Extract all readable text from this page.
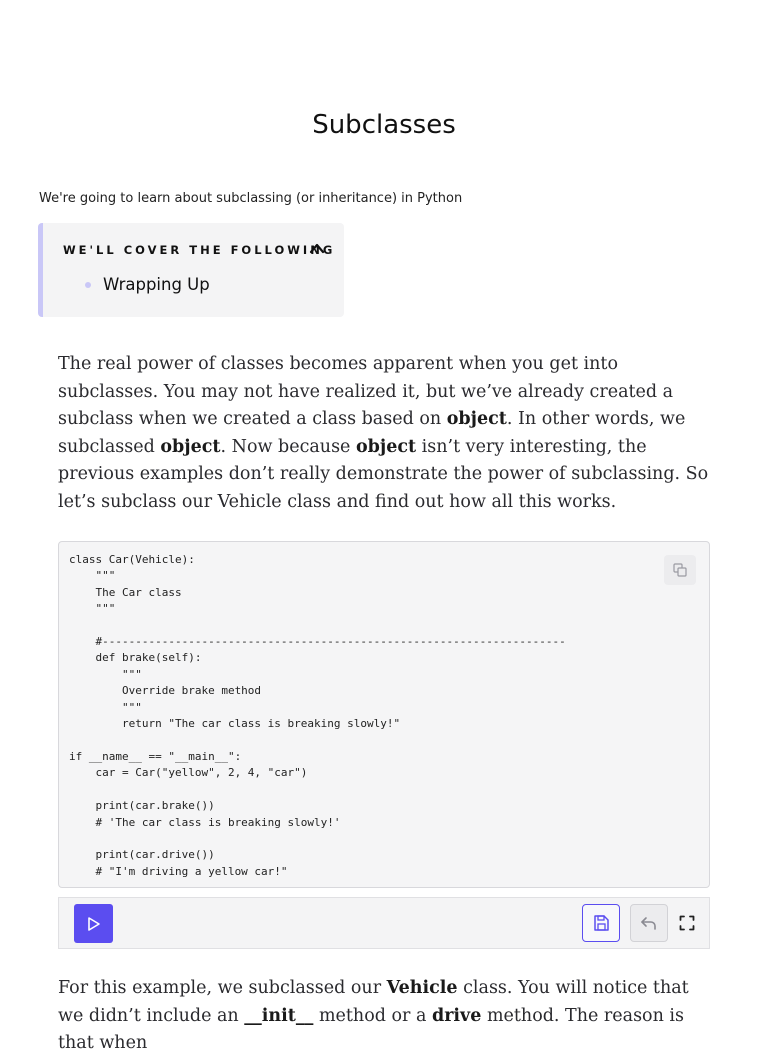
Subclasses

We're going to learn about subclassing (or inheritance) in Python

WE'LL COVER THE FOLLOWING
Wrapping Up

The real power of classes becomes apparent when you get into subclasses. You may not have realized it, but we’ve already created a subclass when we created a class based on object. In other words, we subclassed object. Now because object isn’t very interesting, the previous examples don’t really demonstrate the power of subclassing. So let’s subclass our Vehicle class and find out how all this works.

class Car(Vehicle):
"""
The Car class
"""

#----------------------------------------------------------------------
def brake(self):
"""
Override brake method
"""
return "The car class is breaking slowly!"

if __name__ == "__main__":
car = Car("yellow", 2, 4, "car")

print(car.brake())
# 'The car class is breaking slowly!'

print(car.drive())
# "I'm driving a yellow car!"

For this example, we subclassed our Vehicle class. You will notice that we didn’t include an __init__ method or a drive method. The reason is that when
